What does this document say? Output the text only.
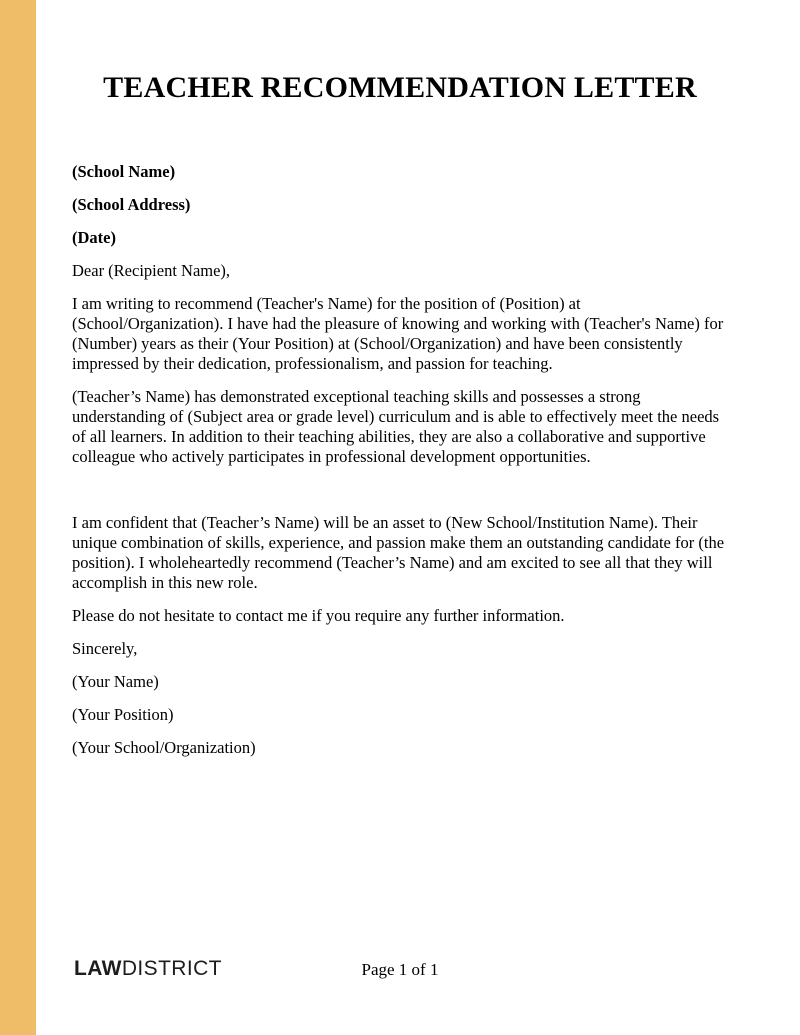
TEACHER RECOMMENDATION LETTER

(School Name)

(School Address)

(Date)

Dear (Recipient Name),

I am writing to recommend (Teacher's Name) for the position of (Position) at (School/Organization). I have had the pleasure of knowing and working with (Teacher's Name) for (Number) years as their (Your Position) at (School/Organization) and have been consistently impressed by their dedication, professionalism, and passion for teaching.

(Teacher’s Name) has demonstrated exceptional teaching skills and possesses a strong understanding of (Subject area or grade level) curriculum and is able to effectively meet the needs of all learners. In addition to their teaching abilities, they are also a collaborative and supportive colleague who actively participates in professional development opportunities.

I am confident that (Teacher’s Name) will be an asset to (New School/Institution Name). Their unique combination of skills, experience, and passion make them an outstanding candidate for (the position). I wholeheartedly recommend (Teacher’s Name) and am excited to see all that they will accomplish in this new role.

Please do not hesitate to contact me if you require any further information.

Sincerely,

(Your Name)

(Your Position)

(Your School/Organization)

LAWDISTRICT	Page 1 of 1
